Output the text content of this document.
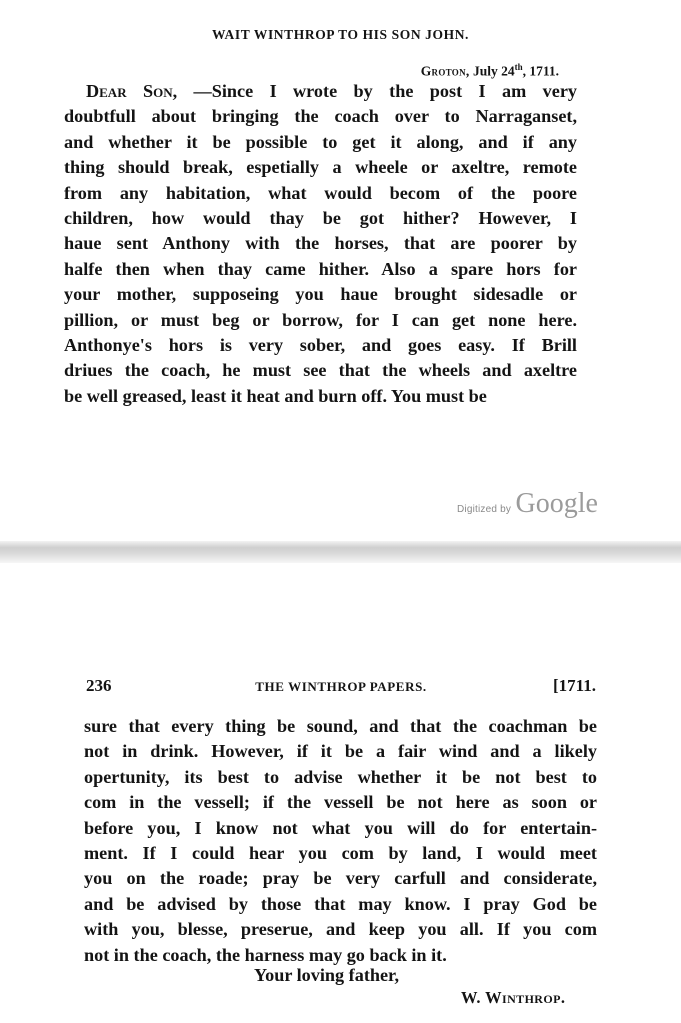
WAIT WINTHROP TO HIS SON JOHN.
Groton, July 24th, 1711.
Dear Son, —Since I wrote by the post I am very
doubtfull about bringing the coach over to Narraganset,
and whether it be possible to get it along, and if any
thing should break, espetially a wheele or axeltre, remote
from any habitation, what would becom of the poore
children, how would thay be got hither? However, I
haue sent Anthony with the horses, that are poorer by
halfe then when thay came hither. Also a spare hors for
your mother, supposeing you haue brought sidesadle or
pillion, or must beg or borrow, for I can get none here.
Anthonye's hors is very sober, and goes easy. If Brill
driues the coach, he must see that the wheels and axeltre
be well greased, least it heat and burn off. You must be
Digitized by Google
236	THE WINTHROP PAPERS.	[1711.
sure that every thing be sound, and that the coachman be
not in drink. However, if it be a fair wind and a likely
opertunity, its best to advise whether it be not best to
com in the vessell; if the vessell be not here as soon or
before you, I know not what you will do for entertain-
ment. If I could hear you com by land, I would meet
you on the roade; pray be very carfull and considerate,
and be advised by those that may know. I pray God be
with you, blesse, preserue, and keep you all. If you com
not in the coach, the harness may go back in it.
Your loving father,
W. Winthrop.
